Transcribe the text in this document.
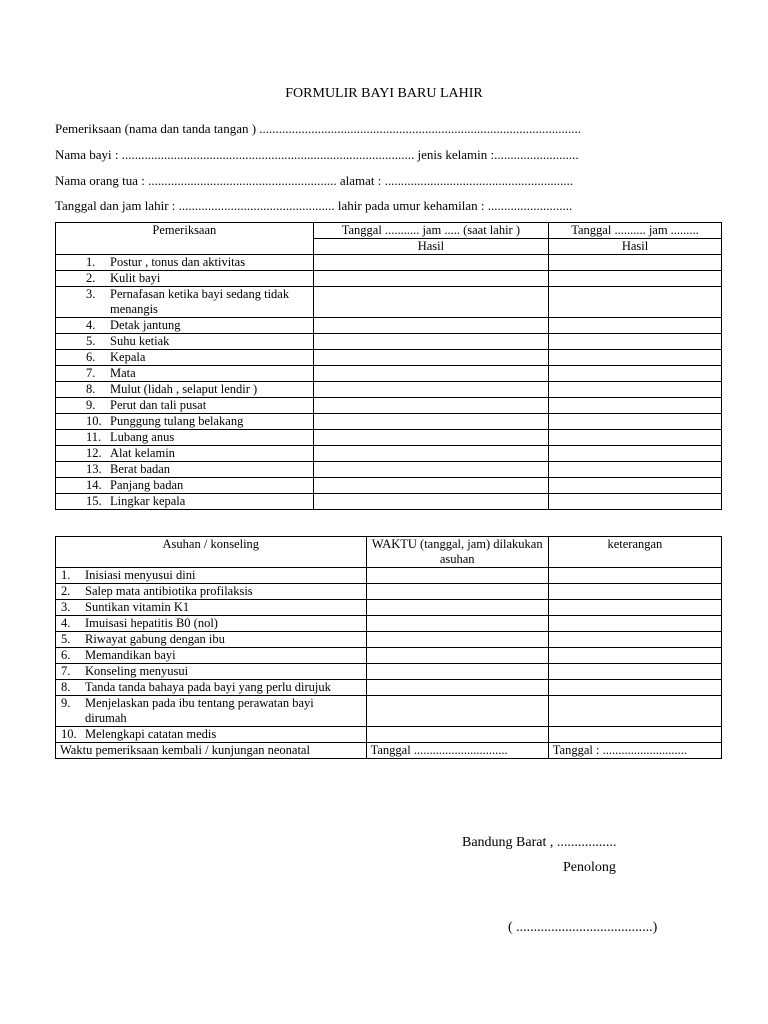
FORMULIR BAYI BARU LAHIR
Pemeriksaan (nama dan tanda tangan ) ...................................................................................................
Nama bayi : .......................................................................................... jenis kelamin :..........................
Nama orang tua : .......................................................... alamat : ..........................................................
Tanggal dan jam lahir : ................................................ lahir pada umur kehamilan : ..........................
Pemeriksaan	Tanggal ........... jam ..... (saat lahir )	Tanggal .......... jam .........
	Hasil	Hasil
1. Postur , tonus dan aktivitas		
2. Kulit bayi		
3. Pernafasan ketika bayi sedang tidak menangis		
4. Detak jantung		
5. Suhu ketiak		
6. Kepala		
7. Mata		
8. Mulut (lidah , selaput lendir )		
9. Perut dan tali pusat		
10. Punggung tulang belakang		
11. Lubang anus		
12. Alat kelamin		
13. Berat badan		
14. Panjang badan		
15. Lingkar kepala		
Asuhan / konseling	WAKTU (tanggal, jam) dilakukan asuhan	keterangan
1. Inisiasi menyusui dini		
2. Salep mata antibiotika profilaksis		
3. Suntikan vitamin K1		
4. Imuisasi hepatitis B0 (nol)		
5. Riwayat gabung dengan ibu		
6. Memandikan bayi		
7. Konseling menyusui		
8. Tanda tanda bahaya pada bayi yang perlu dirujuk		
9. Menjelaskan pada ibu tentang perawatan bayi dirumah		
10. Melengkapi catatan medis		
Waktu pemeriksaan kembali / kunjungan neonatal	Tanggal ..............................	Tanggal : ...........................
Bandung Barat , .................
Penolong
( .......................................)
